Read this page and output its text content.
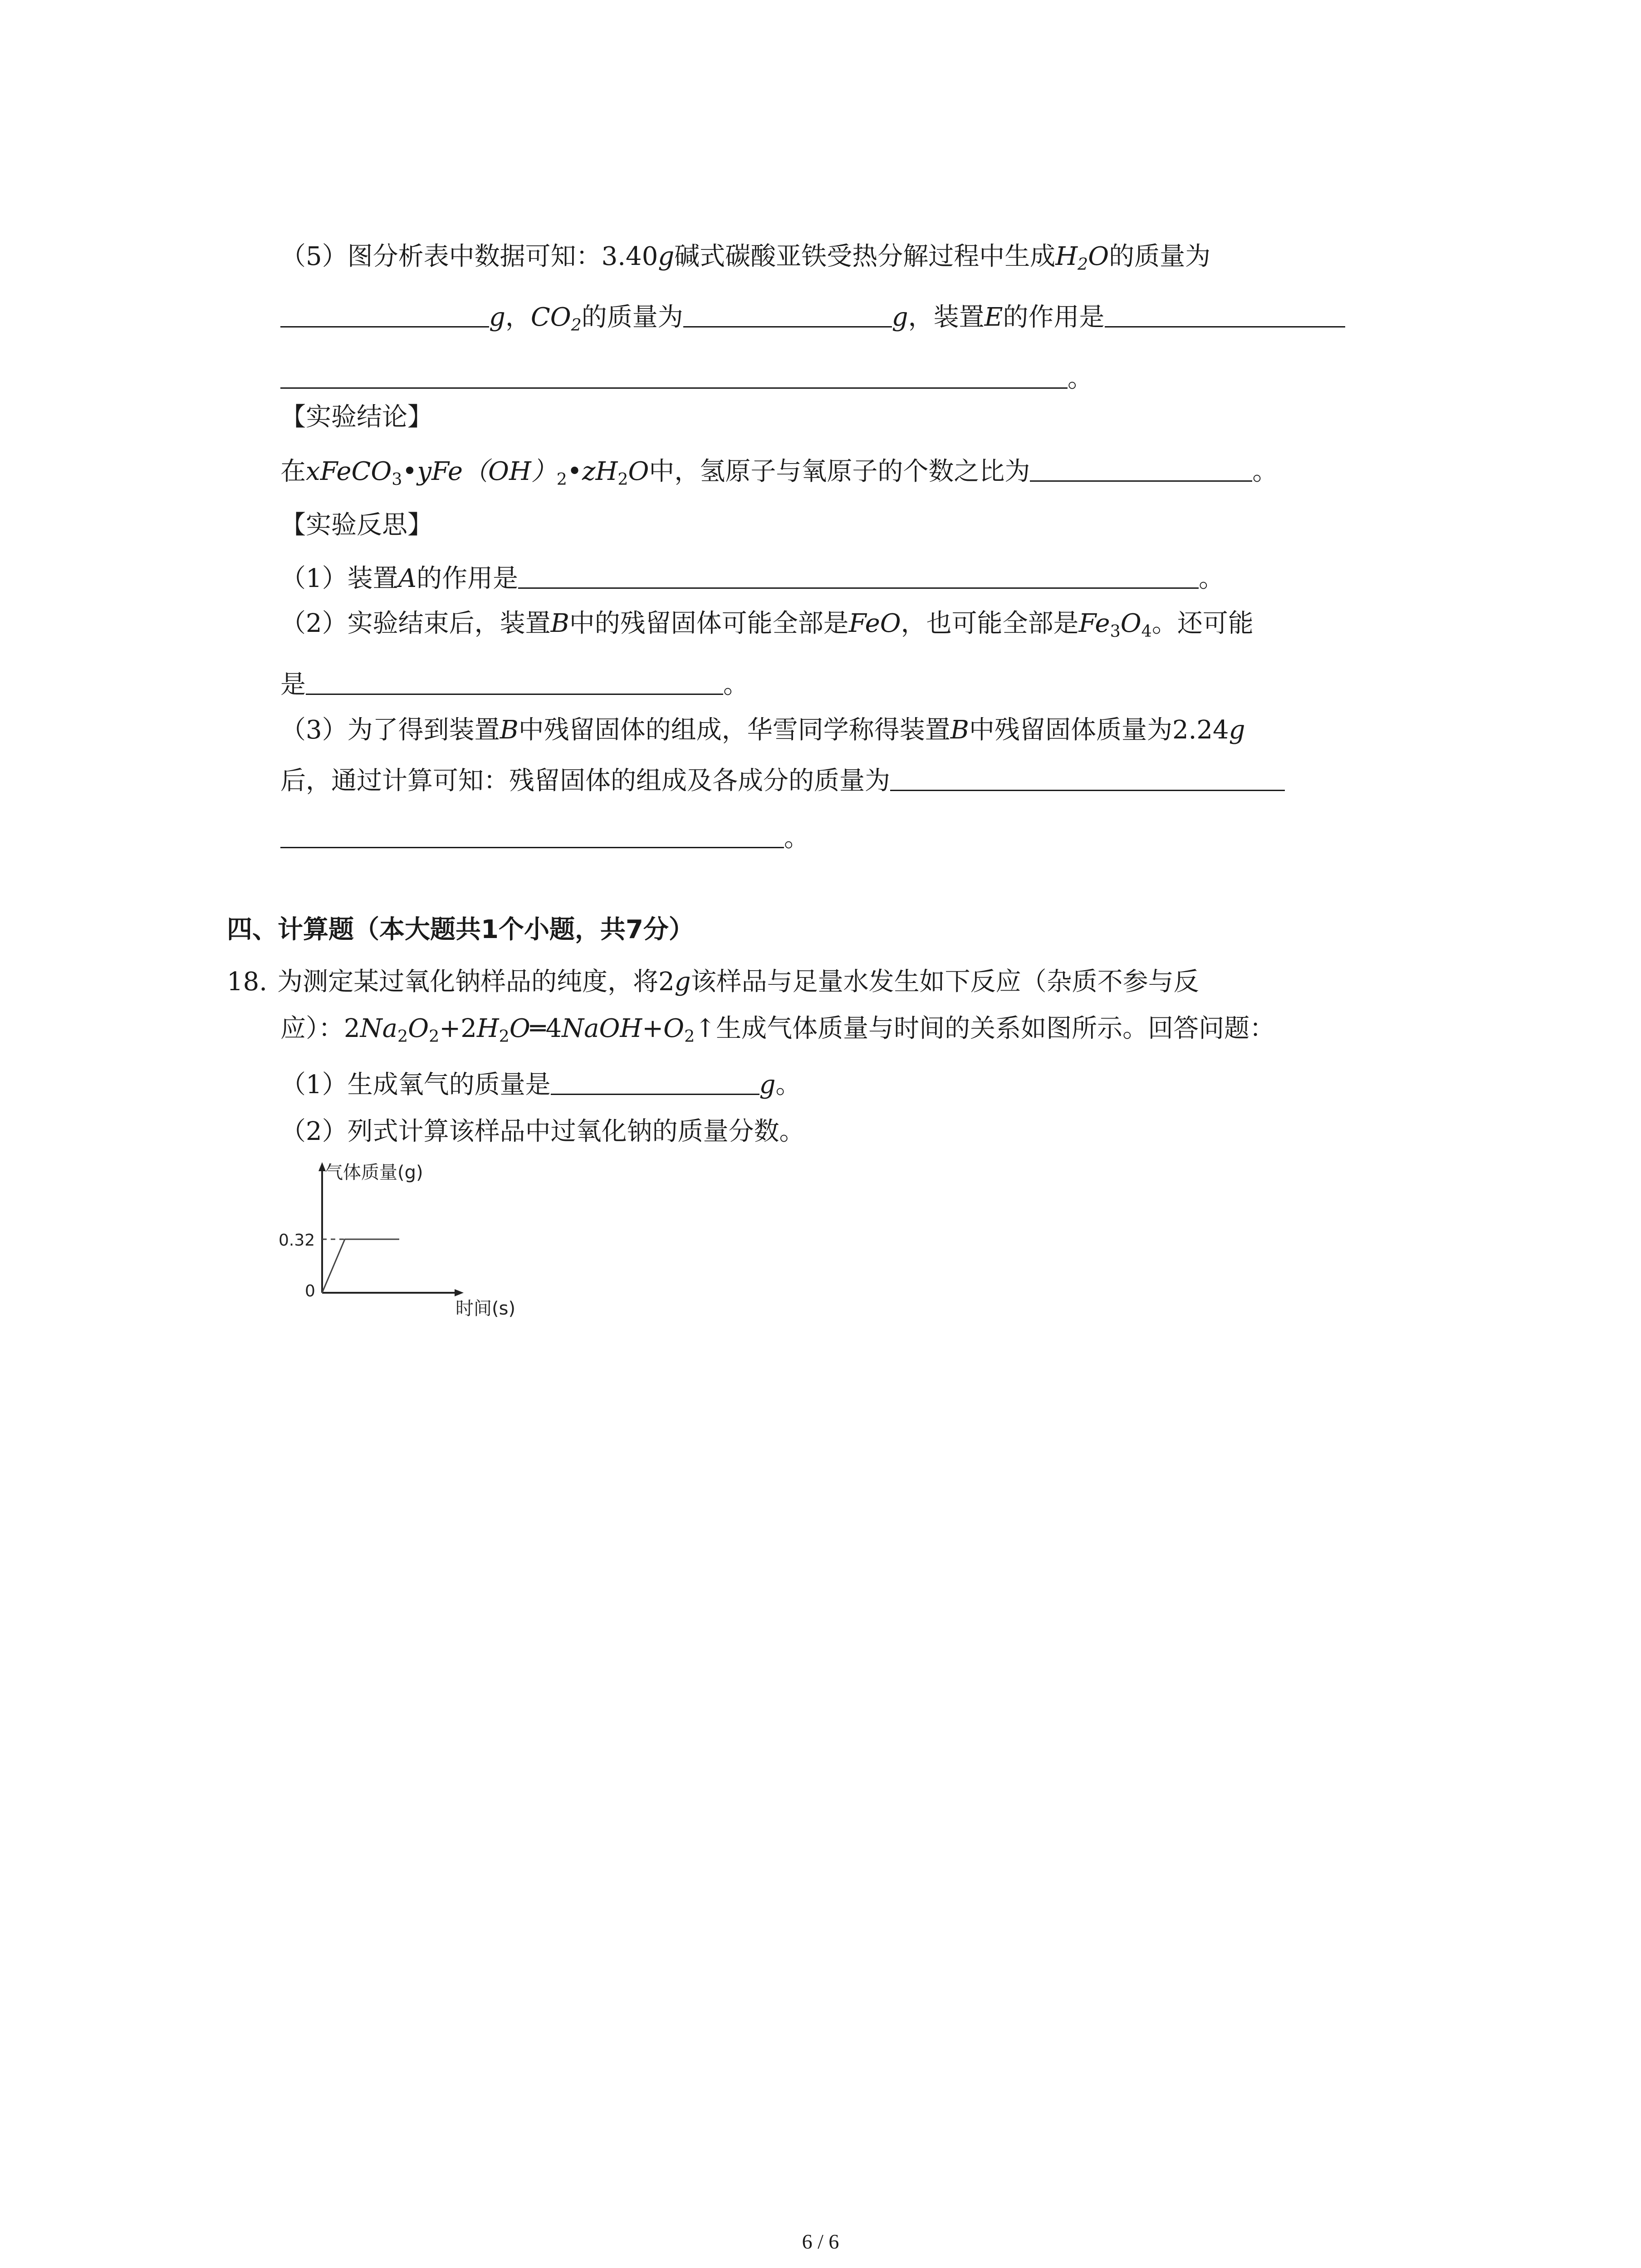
（5）图分析表中数据可知：3.40g碱式碳酸亚铁受热分解过程中生成$H_2O$的质量为
g，$CO_2$的质量为	g，装置E的作用是
。
【实验结论】
在$xFeCO_3•yFe(OH)_2•zH_2O$中，氢原子与氧原子的个数之比为	。
【实验反思】
（1）装置A的作用是	。
（2）实验结束后，装置B中的残留固体可能全部是FeO，也可能全部是$Fe_3O_4$。还可能
是	。
（3）为了得到装置B中残留固体的组成，华雪同学称得装置B中残留固体质量为2.24g
后，通过计算可知：残留固体的组成及各成分的质量为
。
四、计算题（本大题共1个小题，共7分）
18. 为测定某过氧化钠样品的纯度，将2g该样品与足量水发生如下反应（杂质不参与反
应）：$2Na_2O_2+2H_2O═4NaOH+O_2↑$生成气体质量与时间的关系如图所示。回答问题：
（1）生成氧气的质量是	g。
（2）列式计算该样品中过氧化钠的质量分数。
气体质量(g)
0.32
0
时间(s)
6 / 6
